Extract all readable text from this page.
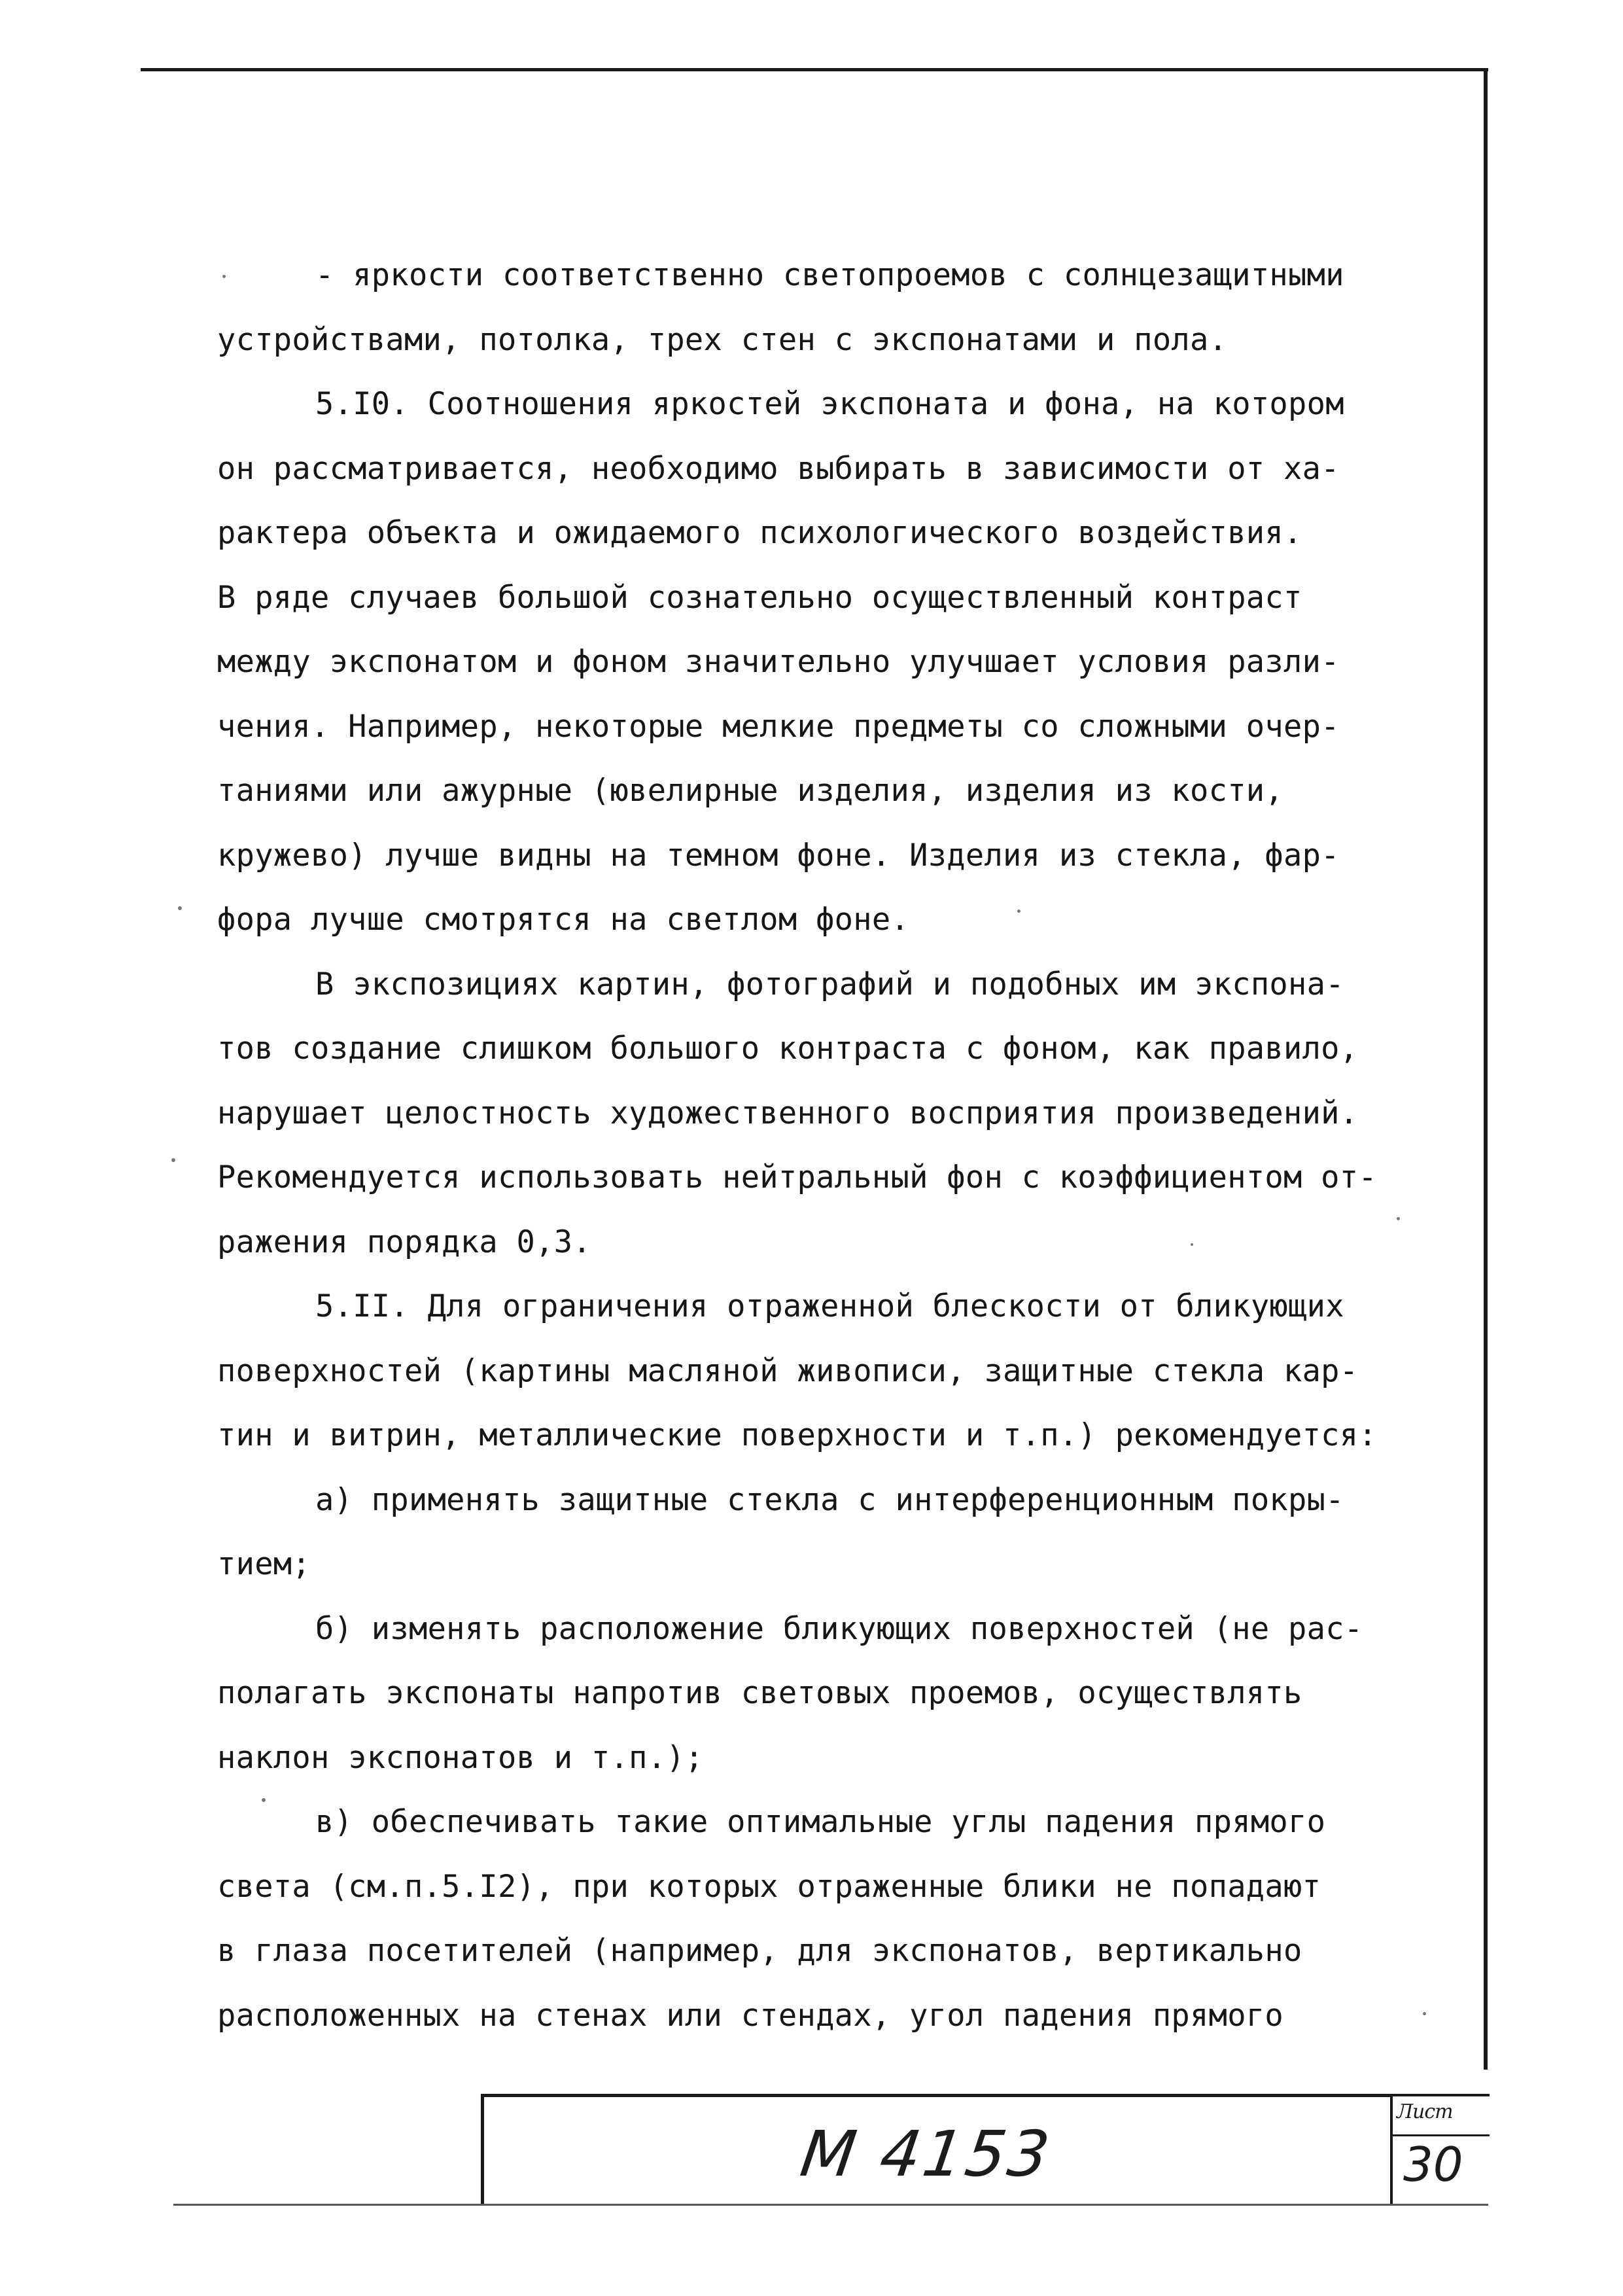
- яркости соответственно светопроемов с солнцезащитными
устройствами, потолка, трех стен с экспонатами и пола.
5.I0. Соотношения яркостей экспоната и фона, на котором
он рассматривается, необходимо выбирать в зависимости от ха-
рактера объекта и ожидаемого психологического воздействия.
В ряде случаев большой сознательно осуществленный контраст
между экспонатом и фоном значительно улучшает условия разли-
чения. Например, некоторые мелкие предметы со сложными очер-
таниями или ажурные (ювелирные изделия, изделия из кости,
кружево) лучше видны на темном фоне. Изделия из стекла, фар-
фора лучше смотрятся на светлом фоне.
В экспозициях картин, фотографий и подобных им экспона-
тов создание слишком большого контраста с фоном, как правило,
нарушает целостность художественного восприятия произведений.
Рекомендуется использовать нейтральный фон с коэффициентом от-
ражения порядка 0,3.
5.II. Для ограничения отраженной блескости от бликующих
поверхностей (картины масляной живописи, защитные стекла кар-
тин и витрин, металлические поверхности и т.п.) рекомендуется:
а) применять защитные стекла с интерференционным покры-
тием;
б) изменять расположение бликующих поверхностей (не рас-
полагать экспонаты напротив световых проемов, осуществлять
наклон экспонатов и т.п.);
в) обеспечивать такие оптимальные углы падения прямого
света (см.п.5.I2), при которых отраженные блики не попадают
в глаза посетителей (например, для экспонатов, вертикально
расположенных на стенах или стендах, угол падения прямого
М 4153
Лист
30
